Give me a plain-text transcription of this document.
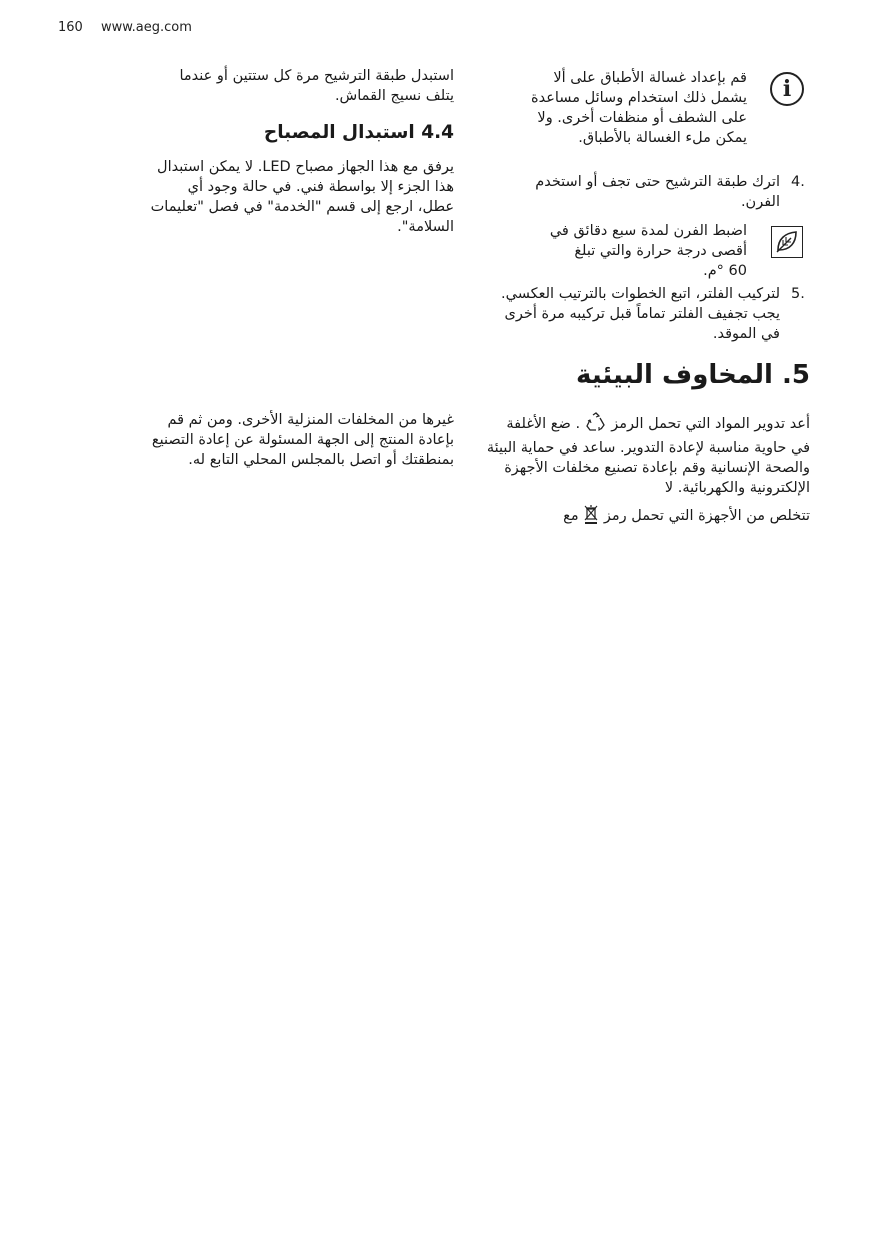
160 www.aeg.com
i

قم بإعداد غسالة الأطباق على ألا يشمل ذلك استخدام وسائل مساعدة على الشطف أو منظفات أخرى. ولا يمكن ملء الغسالة بالأطباق.

4.

اترك طبقة الترشيح حتى تجف أو استخدم الفرن.

اضبط الفرن لمدة سبع دقائق في أقصى درجة حرارة والتي تبلغ

60 °م.

5.

لتركيب الفلتر، اتبع الخطوات بالترتيب العكسي. يجب تجفيف الفلتر تماماً قبل تركيبه مرة أخرى في الموقد.

5. المخاوف البيئية
أعد تدوير المواد التي تحمل الرمز  . ضع الأغلفة في حاوية مناسبة لإعادة التدوير. ساعد في حماية البيئة والصحة الإنسانية وقم بإعادة تصنيع مخلفات الأجهزة الإلكترونية والكهربائية. لا
تتخلص من الأجهزة التي تحمل رمز  مع

استبدل طبقة الترشيح مرة كل ستتين أو عندما يتلف نسيج القماش.

4.4 استبدال المصباح

يرفق مع هذا الجهاز مصباح LED. لا يمكن استبدال هذا الجزء إلا بواسطة فني. في حالة وجود أي عطل، ارجع إلى قسم "الخدمة" في فصل "تعليمات السلامة".

غيرها من المخلفات المنزلية الأخرى. ومن ثم قم بإعادة المنتج إلى الجهة المسئولة عن إعادة التصنيع بمنطقتك أو اتصل بالمجلس المحلي التابع له.
